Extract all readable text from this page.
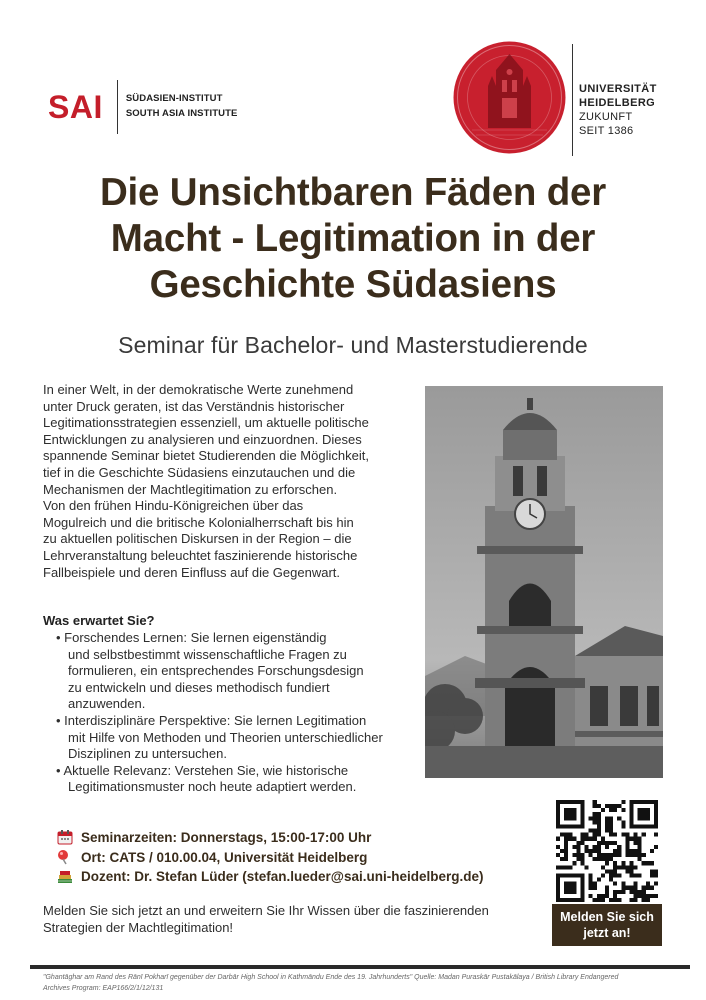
SAI SÜDASIEN-INSTITUT
SOUTH ASIA INSTITUTE
UNIVERSITÄT
HEIDELBERG
ZUKUNFT
SEIT 1386
Die Unsichtbaren Fäden der
Macht - Legitimation in der
Geschichte Südasiens
Seminar für Bachelor- und Masterstudierende
In einer Welt, in der demokratische Werte zunehmend
unter Druck geraten, ist das Verständnis historischer
Legitimationsstrategien essenziell, um aktuelle politische
Entwicklungen zu analysieren und einzuordnen. Dieses
spannende Seminar bietet Studierenden die Möglichkeit,
tief in die Geschichte Südasiens einzutauchen und die
Mechanismen der Machtlegitimation zu erforschen.
Von den frühen Hindu-Königreichen über das
Mogulreich und die britische Kolonialherrschaft bis hin
zu aktuellen politischen Diskursen in der Region – die
Lehrveranstaltung beleuchtet faszinierende historische
Fallbeispiele und deren Einfluss auf die Gegenwart.
Was erwartet Sie?
• Forschendes Lernen: Sie lernen eigenständig
und selbstbestimmt wissenschaftliche Fragen zu
formulieren, ein entsprechendes Forschungsdesign
zu entwickeln und dieses methodisch fundiert
anzuwenden.
• Interdisziplinäre Perspektive: Sie lernen Legitimation
mit Hilfe von Methoden und Theorien unterschiedlicher
Disziplinen zu untersuchen.
• Aktuelle Relevanz: Verstehen Sie, wie historische
Legitimationsmuster noch heute adaptiert werden.
Seminarzeiten: Donnerstags, 15:00-17:00 Uhr
Ort: CATS / 010.00.04, Universität Heidelberg
Dozent: Dr. Stefan Lüder (stefan.lueder@sai.uni-heidelberg.de)
Melden Sie sich jetzt an und erweitern Sie Ihr Wissen über die faszinierenden
Strategien der Machtlegitimation!
Melden Sie sich
jetzt an!
"Ghantāghar am Rand des Rānī Pokharī gegenüber der Darbār High School in Kathmāndu Ende des 19. Jahrhunderts" Quelle: Madan Puraskār Pustakālaya / British Library Endangered
Archives Program: EAP166/2/1/12/131
